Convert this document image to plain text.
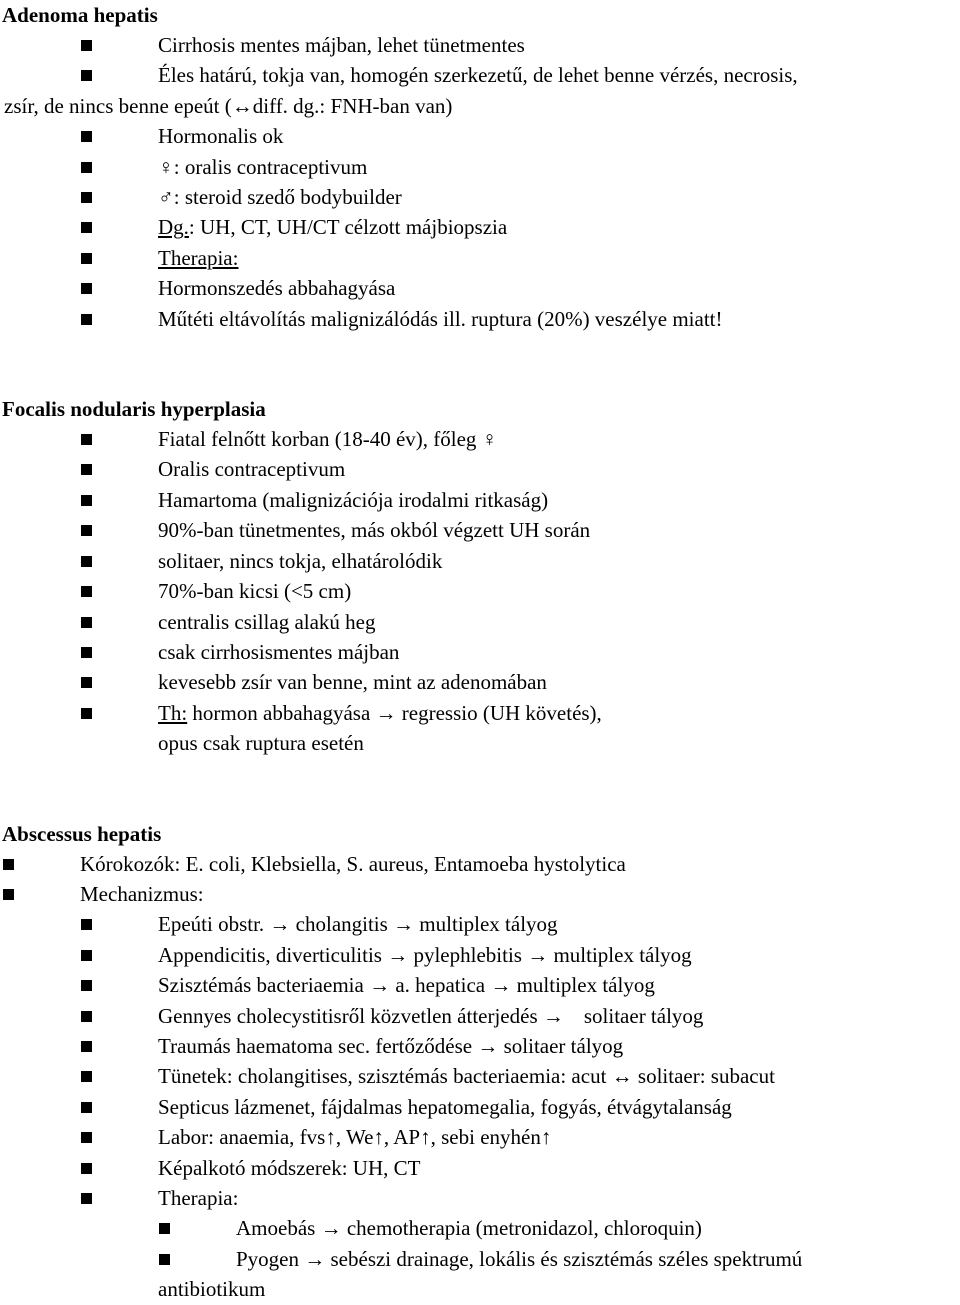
Adenoma hepatis
Cirrhosis mentes májban, lehet tünetmentes
Éles határú, tokja van, homogén szerkezetű, de lehet benne vérzés, necrosis,
zsír, de nincs benne epeút (↔diff. dg.: FNH-ban van)
Hormonalis ok
♀: oralis contraceptivum
♂: steroid szedő bodybuilder
Dg.: UH, CT, UH/CT célzott májbiopszia
Therapia:
Hormonszedés abbahagyása
Műtéti eltávolítás malignizálódás ill. ruptura (20%) veszélye miatt!
Focalis nodularis hyperplasia
Fiatal felnőtt korban (18-40 év), főleg ♀
Oralis contraceptivum
Hamartoma (malignizációja irodalmi ritkaság)
90%-ban tünetmentes, más okból végzett UH során
solitaer, nincs tokja, elhatárolódik
70%-ban kicsi (<5 cm)
centralis csillag alakú heg
csak cirrhosismentes májban
kevesebb zsír van benne, mint az adenomában
Th: hormon abbahagyása → regressio (UH követés),
opus csak ruptura esetén
Abscessus hepatis
Kórokozók: E. coli, Klebsiella, S. aureus, Entamoeba hystolytica
Mechanizmus:
Epeúti obstr. → cholangitis → multiplex tályog
Appendicitis, diverticulitis → pylephlebitis → multiplex tályog
Szisztémás bacteriaemia → a. hepatica → multiplex tályog
Gennyes cholecystitisről közvetlen átterjedés → solitaer tályog
Traumás haematoma sec. fertőződése → solitaer tályog
Tünetek: cholangitises, szisztémás bacteriaemia: acut ↔ solitaer: subacut
Septicus lázmenet, fájdalmas hepatomegalia, fogyás, étvágytalanság
Labor: anaemia, fvs↑, We↑, AP↑, sebi enyhén↑
Képalkotó módszerek: UH, CT
Therapia:
Amoebás → chemotherapia (metronidazol, chloroquin)
Pyogen → sebészi drainage, lokális és szisztémás széles spektrumú
antibiotikum
